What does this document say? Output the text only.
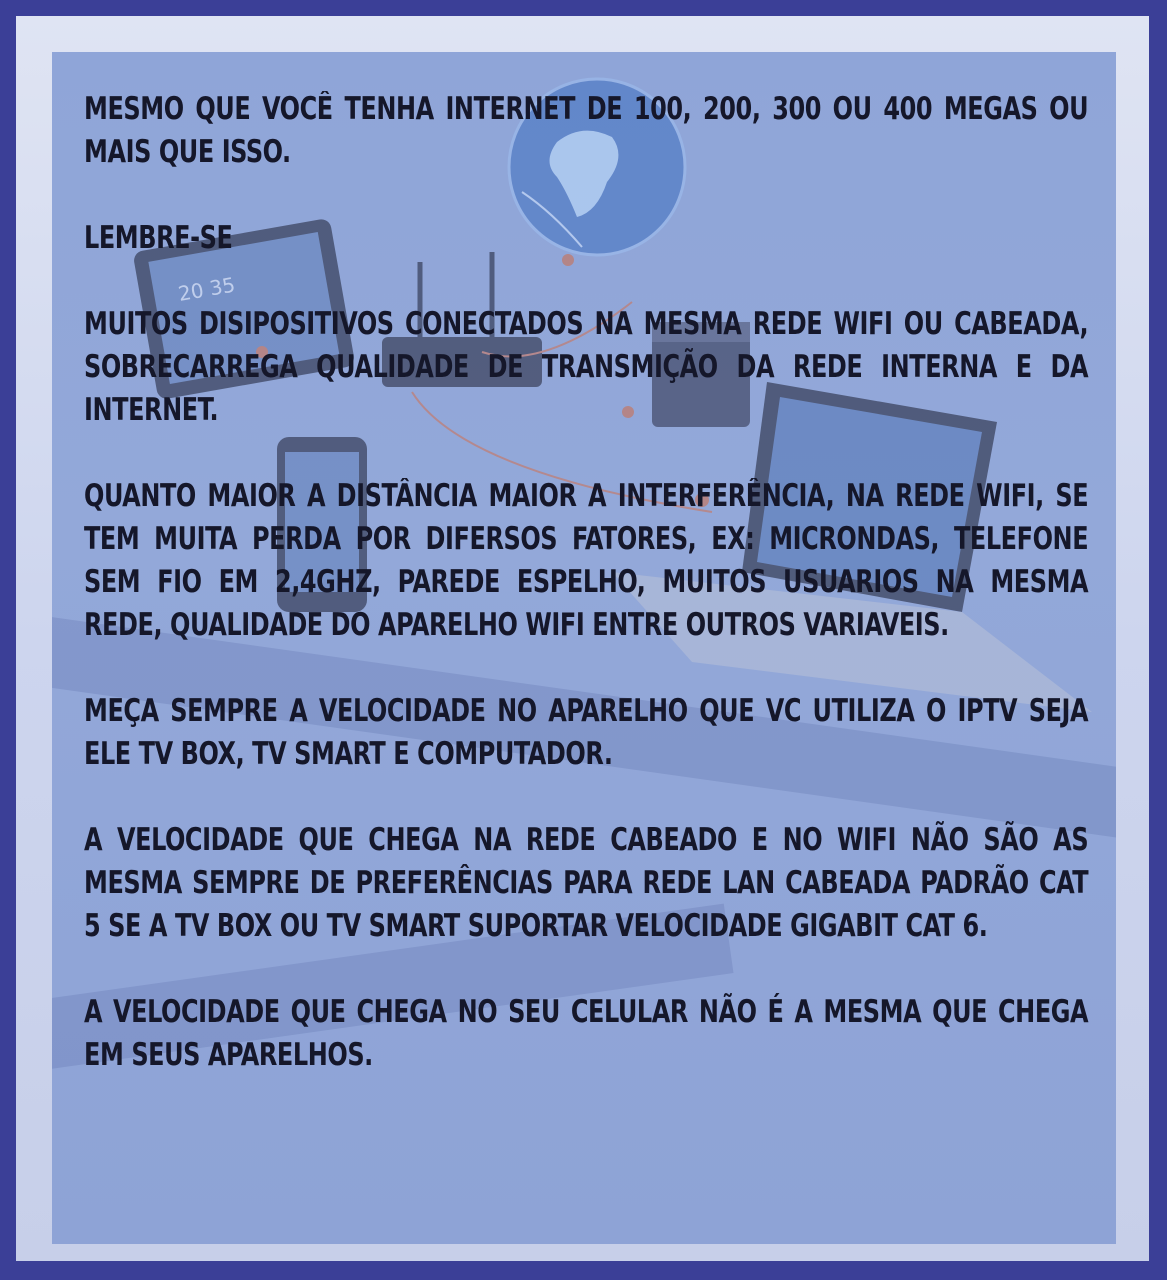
20 35

MESMO QUE VOCÊ TENHA INTERNET DE 100, 200, 300 OU 400 MEGAS OU MAIS QUE ISSO.

LEMBRE-SE

MUITOS DISIPOSITIVOS CONECTADOS NA MESMA REDE WIFI OU CABEADA, SOBRECARREGA QUALIDADE DE TRANSMIÇÃO DA REDE INTERNA E DA INTERNET.

QUANTO MAIOR A DISTÂNCIA MAIOR A INTERFERÊNCIA, NA REDE WIFI, SE TEM MUITA PERDA POR DIFERSOS FATORES, EX: MICRONDAS, TELEFONE SEM FIO EM 2,4GHZ, PAREDE ESPELHO, MUITOS USUARIOS NA MESMA REDE, QUALIDADE DO APARELHO WIFI ENTRE OUTROS VARIAVEIS.

MEÇA SEMPRE A VELOCIDADE NO APARELHO QUE VC UTILIZA O IPTV SEJA ELE TV BOX, TV SMART E COMPUTADOR.

A VELOCIDADE QUE CHEGA NA REDE CABEADO E NO WIFI NÃO SÃO AS MESMA SEMPRE DE PREFERÊNCIAS PARA REDE LAN CABEADA PADRÃO CAT 5 SE A TV BOX OU TV SMART SUPORTAR VELOCIDADE GIGABIT CAT 6.

A VELOCIDADE QUE CHEGA NO SEU CELULAR NÃO É A MESMA QUE CHEGA EM SEUS APARELHOS.
